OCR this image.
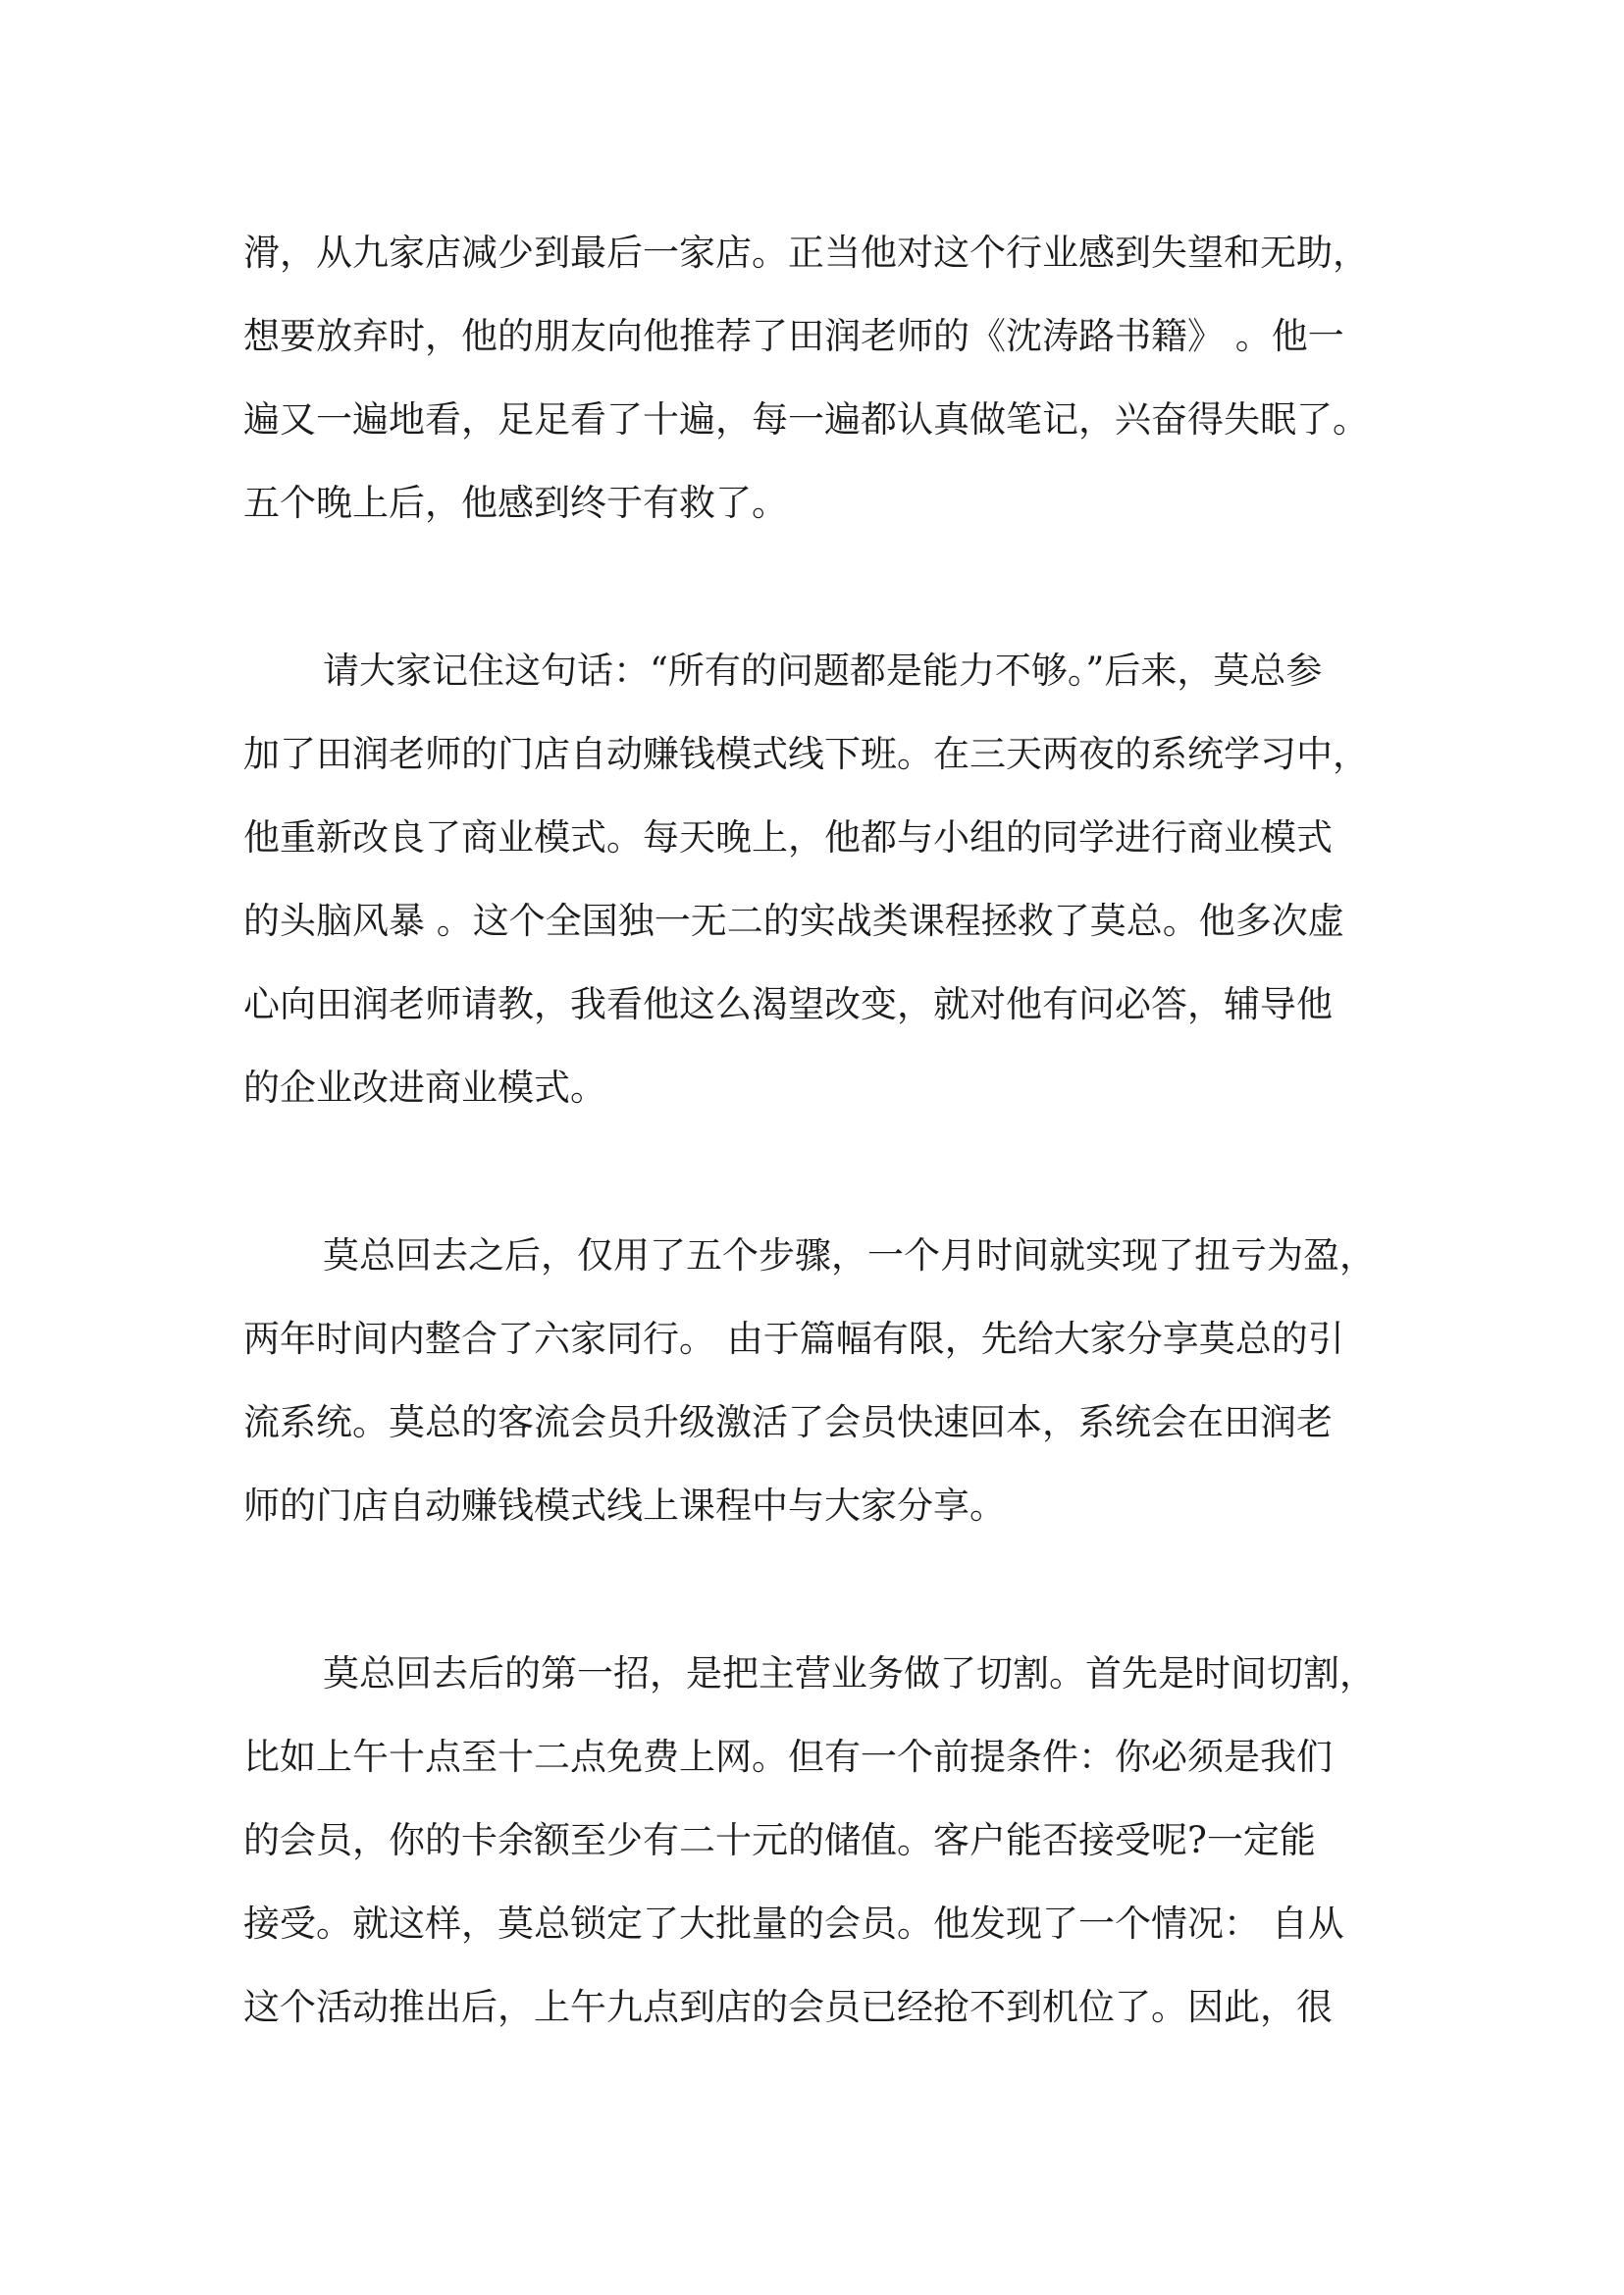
滑，从九家店减少到最后一家店。正当他对这个行业感到失望和无助，
想要放弃时，他的朋友向他推荐了田润老师的《沈涛路书籍》 。他一
遍又一遍地看，足足看了十遍，每一遍都认真做笔记，兴奋得失眠了。
五个晚上后，他感到终于有救了。
请大家记住这句话：“所有的问题都是能力不够。”后来，莫总参
加了田润老师的门店自动赚钱模式线下班。在三天两夜的系统学习中，
他重新改良了商业模式。每天晚上，他都与小组的同学进行商业模式
的头脑风暴 。这个全国独一无二的实战类课程拯救了莫总。他多次虚
心向田润老师请教，我看他这么渴望改变，就对他有问必答，辅导他
的企业改进商业模式。
莫总回去之后，仅用了五个步骤，一个月时间就实现了扭亏为盈，
两年时间内整合了六家同行。 由于篇幅有限，先给大家分享莫总的引
流系统。莫总的客流会员升级激活了会员快速回本，系统会在田润老
师的门店自动赚钱模式线上课程中与大家分享。
莫总回去后的第一招，是把主营业务做了切割。首先是时间切割，
比如上午十点至十二点免费上网。但有一个前提条件：你必须是我们
的会员，你的卡余额至少有二十元的储值。客户能否接受呢?一定能
接受。就这样，莫总锁定了大批量的会员。他发现了一个情况： 自从
这个活动推出后，上午九点到店的会员已经抢不到机位了。因此，很
